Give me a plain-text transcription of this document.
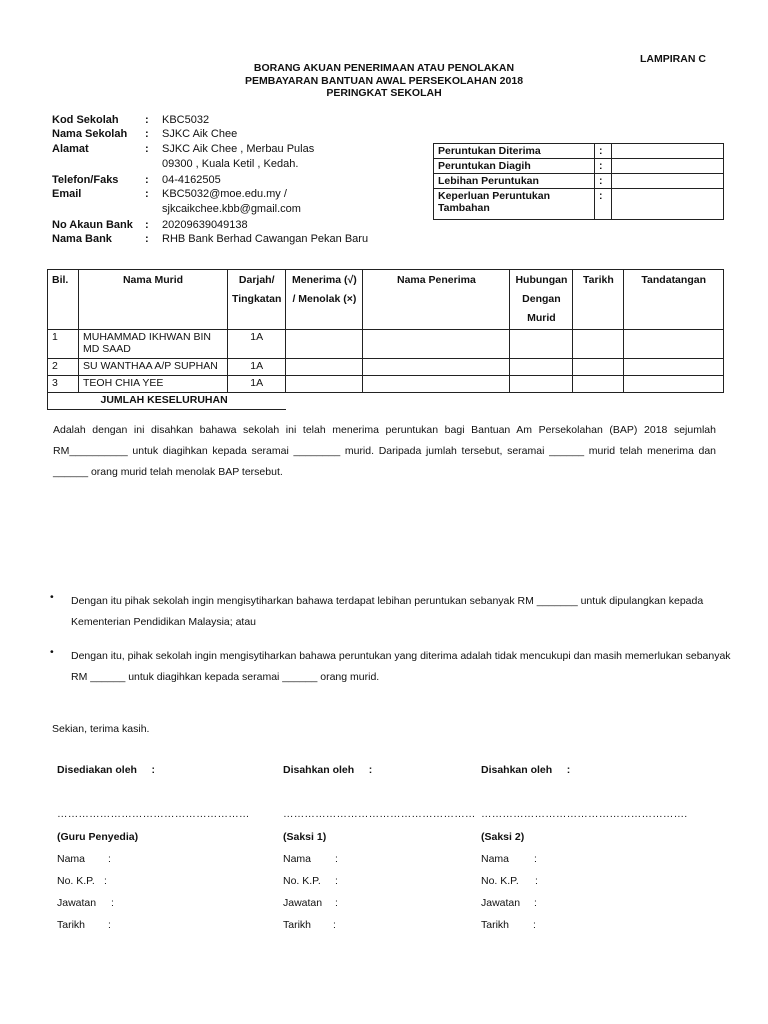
LAMPIRAN C
BORANG AKUAN PENERIMAAN ATAU PENOLAKAN
PEMBAYARAN BANTUAN AWAL PERSEKOLAHAN 2018
PERINGKAT SEKOLAH
Kod Sekolah	: KBC5032
Nama Sekolah	: SJKC Aik Chee
Alamat	: SJKC Aik Chee , Merbau Pulas
09300 , Kuala Ketil , Kedah.
Telefon/Faks	: 04-4162505
Email	: KBC5032@moe.edu.my /
sjkcaikchee.kbb@gmail.com
No Akaun Bank	: 20209639049138
Nama Bank	: RHB Bank Berhad Cawangan Pekan Baru
Peruntukan Diterima	:	
Peruntukan Diagih	:	
Lebihan Peruntukan	:	
Keperluan Peruntukan Tambahan	:	
Bil.	Nama Murid	Darjah/ Tingkatan	Menerima (√) / Menolak (×)	Nama Penerima	Hubungan Dengan Murid	Tarikh	Tandatangan
1	MUHAMMAD IKHWAN BIN MD SAAD	1A					
2	SU WANTHAA A/P SUPHAN	1A					
3	TEOH CHIA YEE	1A					
	JUMLAH KESELURUHAN						
Adalah dengan ini disahkan bahawa sekolah ini telah menerima peruntukan bagi Bantuan Am Persekolahan (BAP) 2018 sejumlah RM__________ untuk diagihkan kepada seramai ________ murid. Daripada jumlah tersebut, seramai ______ murid telah menerima dan ______ orang murid telah menolak BAP tersebut.
• Dengan itu pihak sekolah ingin mengisytiharkan bahawa terdapat lebihan peruntukan sebanyak RM _______ untuk dipulangkan kepada Kementerian Pendidikan Malaysia; atau
• Dengan itu, pihak sekolah ingin mengisytiharkan bahawa peruntukan yang diterima adalah tidak mencukupi dan masih memerlukan sebanyak RM ______ untuk diagihkan kepada seramai ______ orang murid.
Sekian, terima kasih.
Disediakan oleh     :
………………………………………………
(Guru Penyedia)
Nama :
No. K.P. :
Jawatan :
Tarikh :
Disahkan oleh     :
………………………………………………
(Saksi 1)
Nama :
No. K.P. :
Jawatan :
Tarikh :
Disahkan oleh     :
………………………………………………….
(Saksi 2)
Nama :
No. K.P. :
Jawatan :
Tarikh :
